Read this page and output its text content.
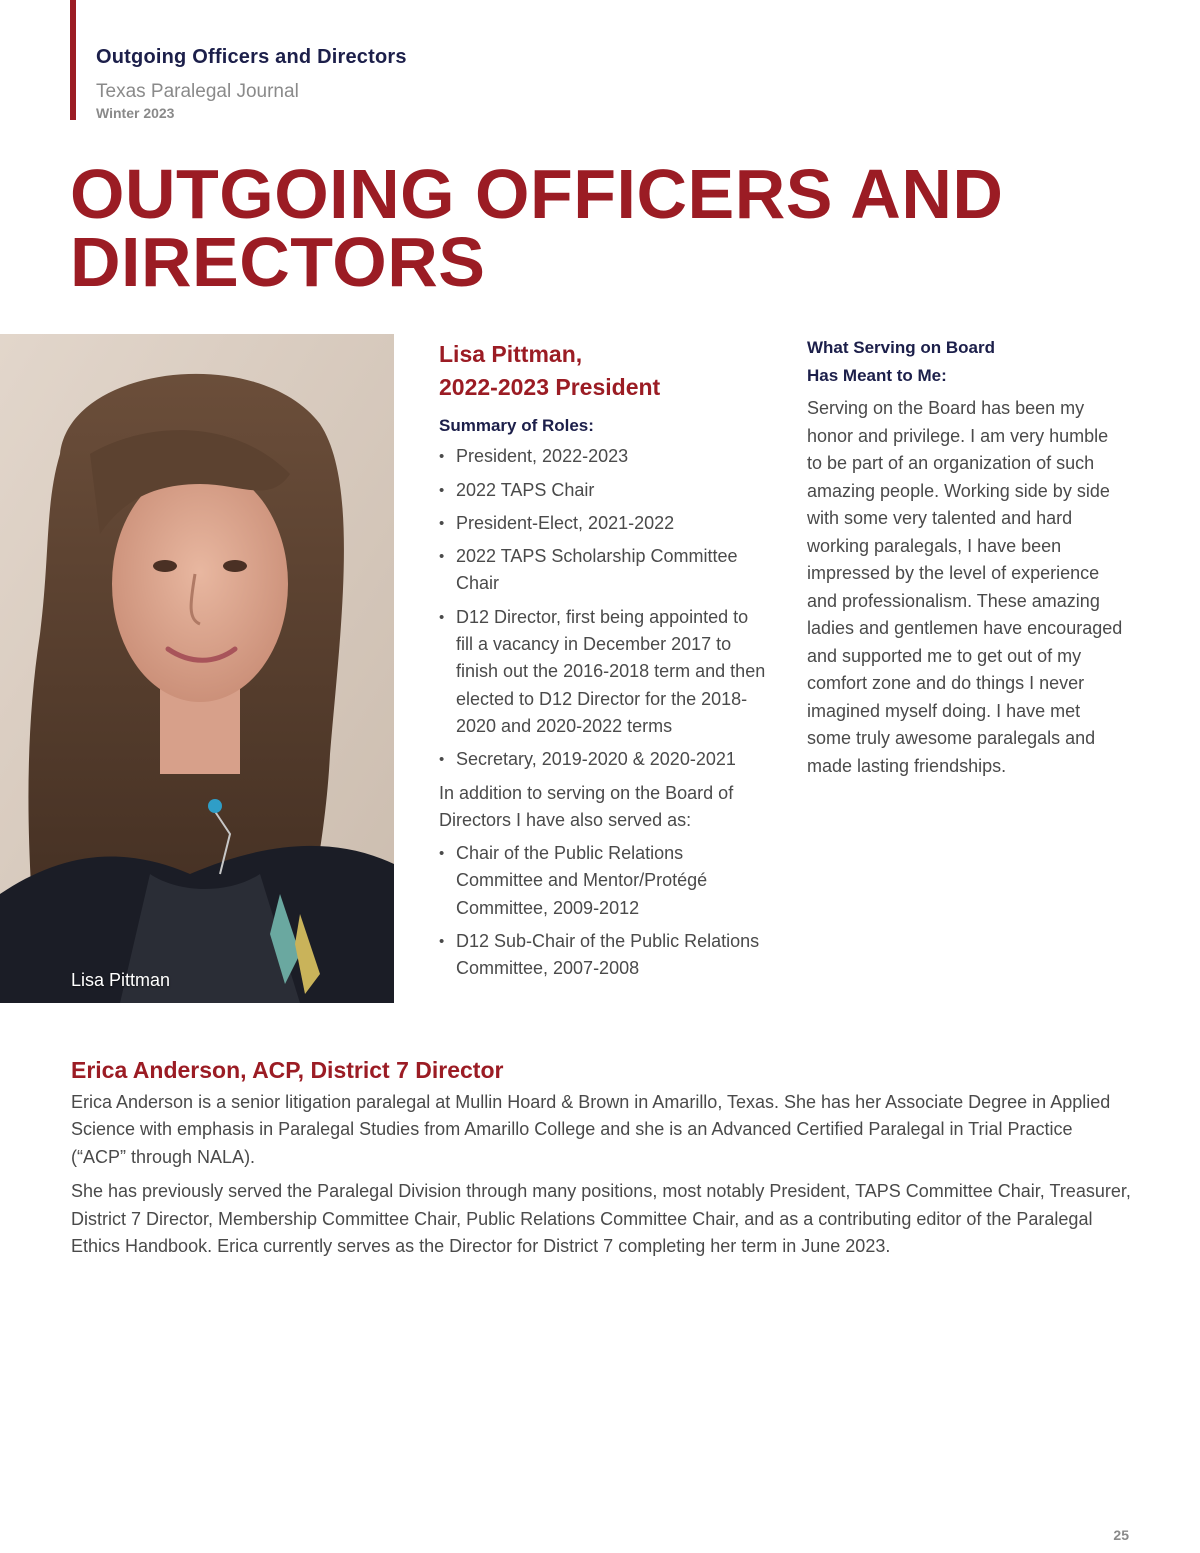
Outgoing Officers and Directors
Texas Paralegal Journal
Winter 2023
OUTGOING OFFICERS AND DIRECTORS
Lisa Pittman
Lisa Pittman,
2022-2023 President
Summary of Roles:
• President, 2022-2023
• 2022 TAPS Chair
• President-Elect, 2021-2022
• 2022 TAPS Scholarship Committee Chair
• D12 Director, first being appointed to fill a vacancy in December 2017 to finish out the 2016-2018 term and then elected to D12 Director for the 2018-2020 and 2020-2022 terms
• Secretary, 2019-2020 & 2020-2021

In addition to serving on the Board of Directors I have also served as:

• Chair of the Public Relations Committee and Mentor/Protégé Committee, 2009-2012
• D12 Sub-Chair of the Public Relations Committee, 2007-2008
What Serving on Board
Has Meant to Me:

Serving on the Board has been my honor and privilege. I am very humble to be part of an organization of such amazing people. Working side by side with some very talented and hard working paralegals, I have been impressed by the level of experience and professionalism. These amazing ladies and gentlemen have encouraged and supported me to get out of my comfort zone and do things I never imagined myself doing. I have met some truly awesome paralegals and made lasting friendships.

Erica Anderson, ACP, District 7 Director

Erica Anderson is a senior litigation paralegal at Mullin Hoard & Brown in Amarillo, Texas. She has her Associate Degree in Applied Science with emphasis in Paralegal Studies from Amarillo College and she is an Advanced Certified Paralegal in Trial Practice (“ACP” through NALA).

She has previously served the Paralegal Division through many positions, most notably President, TAPS Committee Chair, Treasurer, District 7 Director, Membership Committee Chair, Public Relations Committee Chair, and as a contributing editor of the Paralegal Ethics Handbook. Erica currently serves as the Director for District 7 completing her term in June 2023.

25
